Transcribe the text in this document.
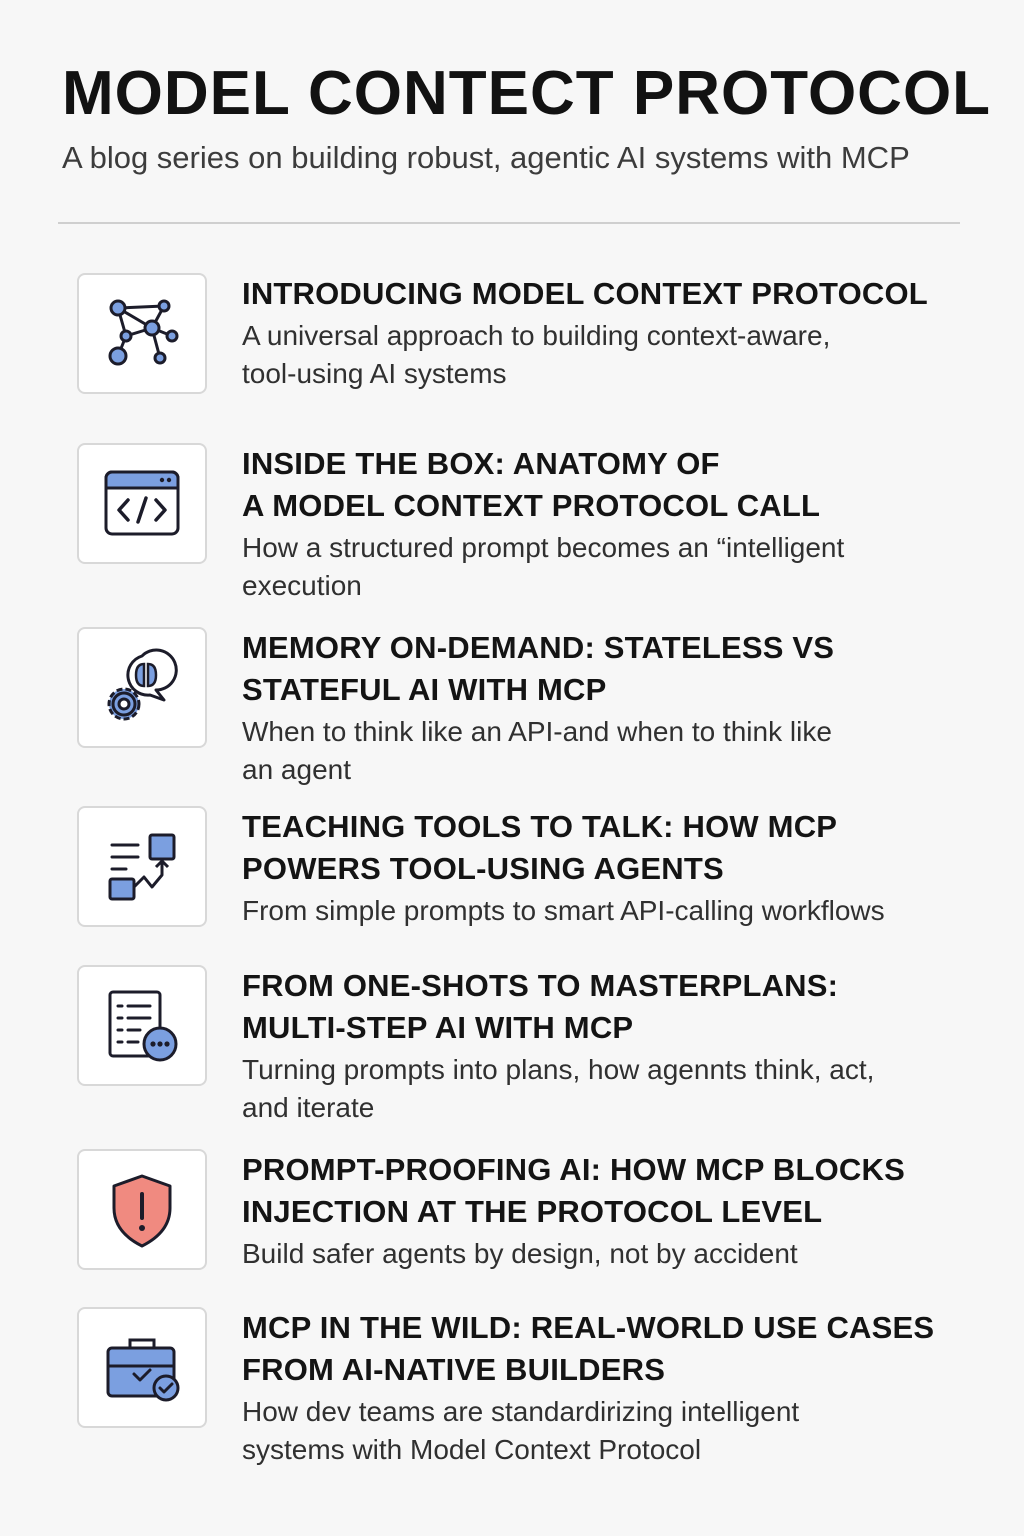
MODEL CONTECT PROTOCOL

A blog series on building robust, agentic AI systems with MCP

INTRODUCING MODEL CONTEXT PROTOCOL

A universal approach to building context-aware,
tool-using AI systems

INSIDE THE BOX: ANATOMY OF
A MODEL CONTEXT PROTOCOL CALL

How a structured prompt becomes an “intelligent
execution

MEMORY ON-DEMAND: STATELESS VS
STATEFUL AI WITH MCP

When to think like an API-and when to think like
an agent

TEACHING TOOLS TO TALK: HOW MCP
POWERS TOOL-USING AGENTS

From simple prompts to smart API-calling workflows

FROM ONE-SHOTS TO MASTERPLANS:
MULTI-STEP AI WITH MCP

Turning prompts into plans, how agennts think, act,
and iterate

PROMPT-PROOFING AI: HOW MCP BLOCKS
INJECTION AT THE PROTOCOL LEVEL

Build safer agents by design, not by accident

MCP IN THE WILD: REAL-WORLD USE CASES
FROM AI-NATIVE BUILDERS

How dev teams are standardirizing intelligent
systems with Model Context Protocol
